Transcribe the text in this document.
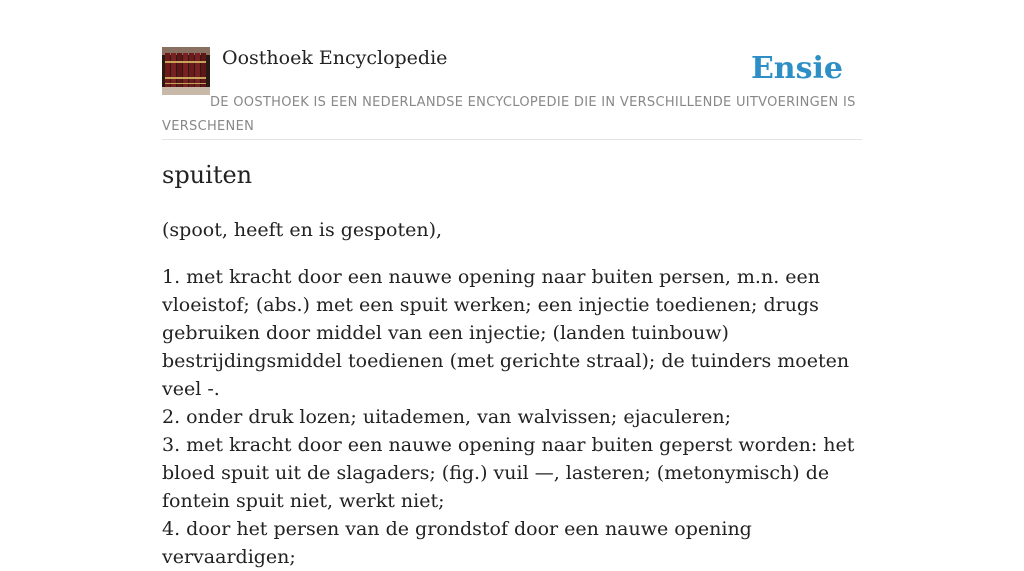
Oosthoek Encyclopedie	Ensie
DE OOSTHOEK IS EEN NEDERLANDSE ENCYCLOPEDIE DIE IN VERSCHILLENDE UITVOERINGEN IS VERSCHENEN
spuiten
(spoot, heeft en is gespoten),

1. met kracht door een nauwe opening naar buiten persen, m.n. een vloeistof; (abs.) met een spuit werken; een injectie toedienen; drugs gebruiken door middel van een injectie; (landen tuinbouw) bestrijdingsmiddel toedienen (met gerichte straal); de tuinders moeten veel -.

2. onder druk lozen; uitademen, van walvissen; ejaculeren;

3. met kracht door een nauwe opening naar buiten geperst worden: het bloed spuit uit de slagaders; (fig.) vuil —, lasteren; (metonymisch) de fontein spuit niet, werkt niet;

4. door het persen van de grondstof door een nauwe opening vervaardigen;
